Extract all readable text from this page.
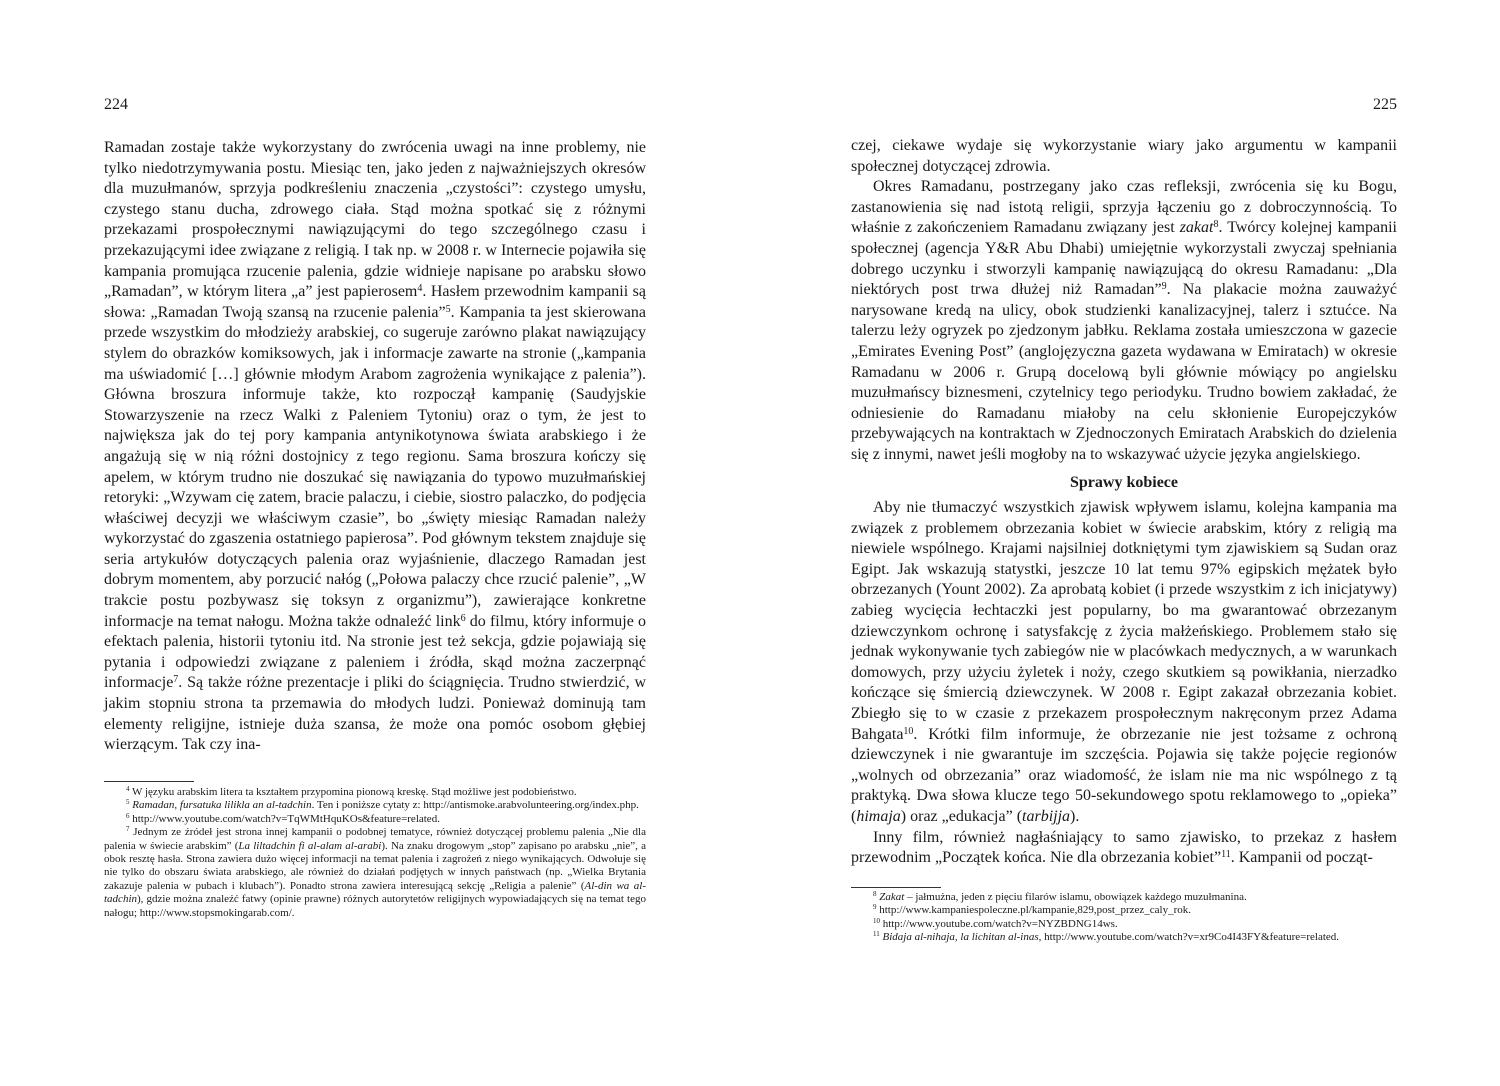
224

Ramadan zostaje także wykorzystany do zwrócenia uwagi na inne problemy, nie tylko niedotrzymywania postu. Miesiąc ten, jako jeden z najważniejszych okresów dla muzułmanów, sprzyja podkreśleniu znaczenia „czystości”: czystego umysłu, czystego stanu ducha, zdrowego ciała. Stąd można spotkać się z różnymi przekazami prospołecznymi nawiązującymi do tego szczególnego czasu i przekazującymi idee związane z religią. I tak np. w 2008 r. w Internecie pojawiła się kampania promująca rzucenie palenia, gdzie widnieje napisane po arabsku słowo „Ramadan”, w którym litera „a” jest papierosem$^4$. Hasłem przewodnim kampanii są słowa: „Ramadan Twoją szansą na rzucenie palenia”$^5$. Kampania ta jest skierowana przede wszystkim do młodzieży arabskiej, co sugeruje zarówno plakat nawiązujący stylem do obrazków komiksowych, jak i informacje zawarte na stronie („kampania ma uświadomić […] głównie młodym Arabom zagrożenia wynikające z palenia”). Główna broszura informuje także, kto rozpoczął kampanię (Saudyjskie Stowarzyszenie na rzecz Walki z Paleniem Tytoniu) oraz o tym, że jest to największa jak do tej pory kampania antynikotynowa świata arabskiego i że angażują się w nią różni dostojnicy z tego regionu. Sama broszura kończy się apelem, w którym trudno nie doszukać się nawiązania do typowo muzułmańskiej retoryki: „Wzywam cię zatem, bracie palaczu, i ciebie, siostro palaczko, do podjęcia właściwej decyzji we właściwym czasie”, bo „święty miesiąc Ramadan należy wykorzystać do zgaszenia ostatniego papierosa”. Pod głównym tekstem znajduje się seria artykułów dotyczących palenia oraz wyjaśnienie, dlaczego Ramadan jest dobrym momentem, aby porzucić nałóg („Połowa palaczy chce rzucić palenie”, „W trakcie postu pozbywasz się toksyn z organizmu”), zawierające konkretne informacje na temat nałogu. Można także odnaleźć link$^6$ do filmu, który informuje o efektach palenia, historii tytoniu itd. Na stronie jest też sekcja, gdzie pojawiają się pytania i odpowiedzi związane z paleniem i źródła, skąd można zaczerpnąć informacje$^7$. Są także różne prezentacje i pliki do ściągnięcia. Trudno stwierdzić, w jakim stopniu strona ta przemawia do młodych ludzi. Ponieważ dominują tam elementy religijne, istnieje duża szansa, że może ona pomóc osobom głębiej wierzącym. Tak czy ina-

$^4$ W języku arabskim litera ta kształtem przypomina pionową kreskę. Stąd możliwe jest podobieństwo.

$^5$ Ramadan, fursatuka lilikla an al-tadchin. Ten i poniższe cytaty z: http://antismoke.arabvolunteering.org/index.php.

$^6$ http://www.youtube.com/watch?v=TqWMtHquKOs&feature=related.

$^7$ Jednym ze źródeł jest strona innej kampanii o podobnej tematyce, również dotyczącej problemu palenia „Nie dla palenia w świecie arabskim” (La liltadchin fi al-alam al-arabi). Na znaku drogowym „stop” zapisano po arabsku „nie”, a obok resztę hasła. Strona zawiera dużo więcej informacji na temat palenia i zagrożeń z niego wynikających. Odwołuje się nie tylko do obszaru świata arabskiego, ale również do działań podjętych w innych państwach (np. „Wielka Brytania zakazuje palenia w pubach i klubach”). Ponadto strona zawiera interesującą sekcję „Religia a palenie” (Al-din wa al-tadchin), gdzie można znaleźć fatwy (opinie prawne) różnych autorytetów religijnych wypowiadających się na temat tego nałogu; http://www.stopsmokingarab.com/.

225

czej, ciekawe wydaje się wykorzystanie wiary jako argumentu w kampanii społecznej dotyczącej zdrowia.

Okres Ramadanu, postrzegany jako czas refleksji, zwrócenia się ku Bogu, zastanowienia się nad istotą religii, sprzyja łączeniu go z dobroczynnością. To właśnie z zakończeniem Ramadanu związany jest zakat$^8$. Twórcy kolejnej kampanii społecznej (agencja Y&R Abu Dhabi) umiejętnie wykorzystali zwyczaj spełniania dobrego uczynku i stworzyli kampanię nawiązującą do okresu Ramadanu: „Dla niektórych post trwa dłużej niż Ramadan”$^9$. Na plakacie można zauważyć narysowane kredą na ulicy, obok studzienki kanalizacyjnej, talerz i sztućce. Na talerzu leży ogryzek po zjedzonym jabłku. Reklama została umieszczona w gazecie „Emirates Evening Post” (anglojęzyczna gazeta wydawana w Emiratach) w okresie Ramadanu w 2006 r. Grupą docelową byli głównie mówiący po angielsku muzułmańscy biznesmeni, czytelnicy tego periodyku. Trudno bowiem zakładać, że odniesienie do Ramadanu miałoby na celu skłonienie Europejczyków przebywających na kontraktach w Zjednoczonych Emiratach Arabskich do dzielenia się z innymi, nawet jeśli mogłoby na to wskazywać użycie języka angielskiego.

Sprawy kobiece

Aby nie tłumaczyć wszystkich zjawisk wpływem islamu, kolejna kampania ma związek z problemem obrzezania kobiet w świecie arabskim, który z religią ma niewiele wspólnego. Krajami najsilniej dotkniętymi tym zjawiskiem są Sudan oraz Egipt. Jak wskazują statystki, jeszcze 10 lat temu 97% egipskich mężatek było obrzezanych (Yount 2002). Za aprobatą kobiet (i przede wszystkim z ich inicjatywy) zabieg wycięcia łechtaczki jest popularny, bo ma gwarantować obrzezanym dziewczynkom ochronę i satysfakcję z życia małżeńskiego. Problemem stało się jednak wykonywanie tych zabiegów nie w placówkach medycznych, a w warunkach domowych, przy użyciu żyletek i noży, czego skutkiem są powikłania, nierzadko kończące się śmiercią dziewczynek. W 2008 r. Egipt zakazał obrzezania kobiet. Zbiegło się to w czasie z przekazem prospołecznym nakręconym przez Adama Bahgata$^{10}$. Krótki film informuje, że obrzezanie nie jest tożsame z ochroną dziewczynek i nie gwarantuje im szczęścia. Pojawia się także pojęcie regionów „wolnych od obrzezania” oraz wiadomość, że islam nie ma nic wspólnego z tą praktyką. Dwa słowa klucze tego 50-sekundowego spotu reklamowego to „opieka” (himaja) oraz „edukacja” (tarbijja).

Inny film, również nagłaśniający to samo zjawisko, to przekaz z hasłem przewodnim „Początek końca. Nie dla obrzezania kobiet”$^{11}$. Kampanii od począt-

$^8$ Zakat – jałmużna, jeden z pięciu filarów islamu, obowiązek każdego muzułmanina.

$^9$ http://www.kampaniespoleczne.pl/kampanie,829,post_przez_caly_rok.

$^{10}$ http://www.youtube.com/watch?v=NYZBDNG14ws.

$^{11}$ Bidaja al-nihaja, la lichitan al-inas, http://www.youtube.com/watch?v=xr9Co4I43FY&feature=related.
